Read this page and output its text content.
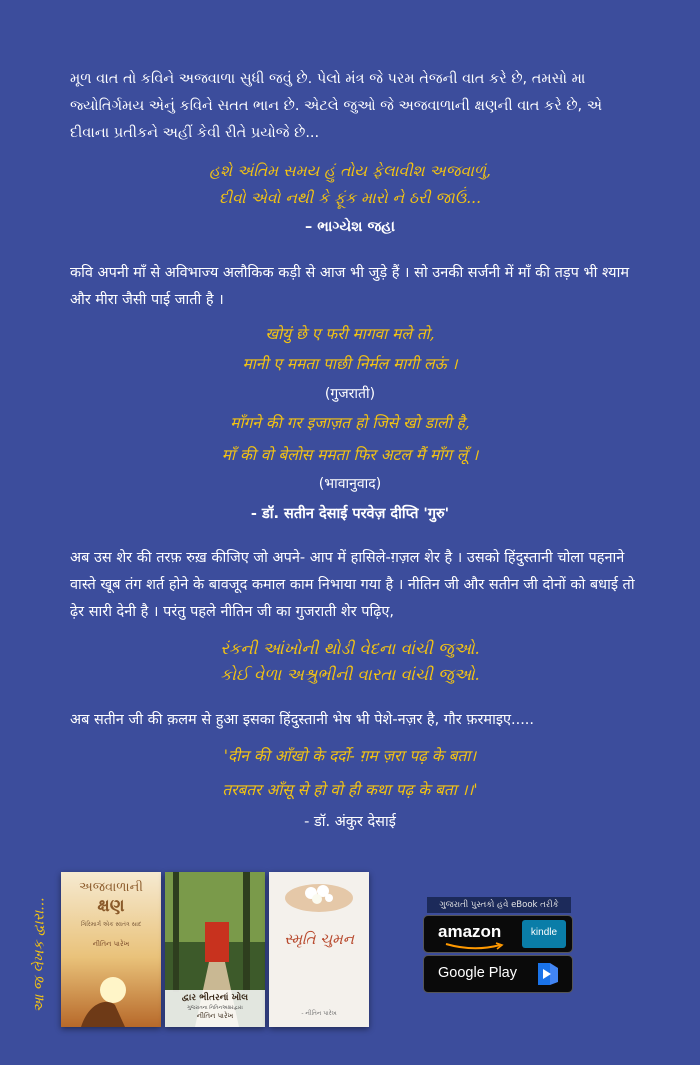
મૂળ વાત તો કવિને અજવાળા સુધી જવું છે. પેલો મંત્ર જે પરમ તેજની વાત કરે છે, તમસો મા જ્યોતિર્ગમય એનું કવિને સતત ભાન છે. એટલે જુઓ જે અજવાળાની ક્ષણની વાત કરે છે, એ દીવાના પ્રતીકને અહીં કેવી રીતે પ્રયોજે છે...
હશે અંતિમ સમય હું તોય ફેલાવીશ અજવાળું,
દીવો એવો નથી કે ફૂંક મારો ને ઠરી જાઉં...
– ભાગ્યેશ જહા
कवि अपनी माँ से अविभाज्य अलौकिक कड़ी से आज भी जुड़े हैं । सो उनकी सर्जनी में माँ की तड़प भी श्याम और मीरा जैसी पाई जाती है ।
खोयुं छे ए फरी मागवा मले तो,
मानी ए ममता पाछी निर्मल मागी लऊं ।
(गुजराती)
माँगने की गर इजाज़त हो जिसे खो डाली है,
माँ की वो बेलोस ममता फिर अटल मैं माँग लूँ ।
(भावानुवाद)
- डॉ. सतीन देसाई परवेज़ दीप्ति 'गुरु'
अब उस शेर की तरफ़ रुख़ कीजिए जो अपने- आप में हासिले-ग़ज़ल शेर है । उसको हिंदुस्तानी चोला पहनाने वास्ते खूब तंग शर्त होने के बावजूद कमाल काम निभाया गया है । नीतिन जी और सतीन जी दोनों को बधाई तो ढ़ेर सारी देनी है । परंतु पहले नीतिन जी का गुजराती शेर पढ़िए,
રંકની આંખોની થોડી વેદના વાંચી જુઓ.
કોઈ વેળા અશ્રુભીની વારતા વાંચી જુઓ.
अब सतीन जी की क़लम से हुआ इसका हिंदुस्तानी भेष भी पेशे-नज़र है, गौर फ़रमाइए.....
'दीन की आँखो के दर्दो- ग़म ज़रा पढ़ के बता।
तरबतर आँसू से हो वो ही कथा पढ़ के बता ।।'
- डॉ. अंकुर देसाई
આ જ લેખક દ્વારા...
અજવાળાની
ક્ષણ
ગિરિમાર્ગ એક સ્વતંત્ર સાદ
નીતિન પારેખ
દ્વાર ભીતરનાં ખોલ
ગુજરાતના નિતિનઅક્ષરદ્વારા
નીતિન પારેખ
સ્મૃતિ ચુમન
- નીતિન પારેખ
ગુજરાતી પુસ્તકો હવે eBook તરીકે
amazon	kindle
Google Play
